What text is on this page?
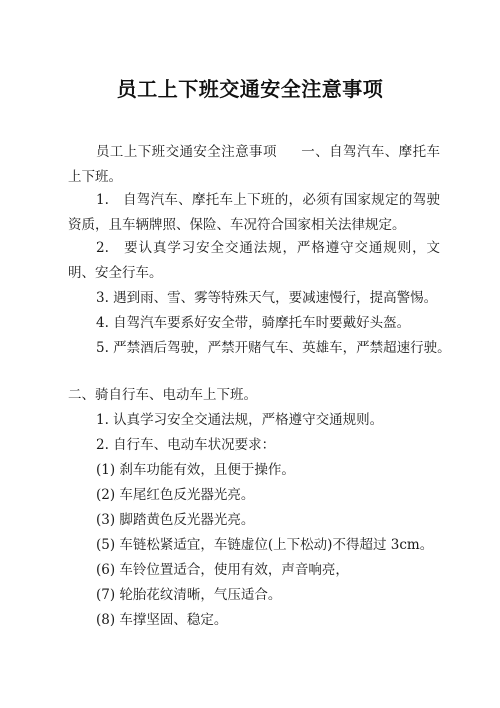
员工上下班交通安全注意事项

员工上下班交通安全注意事项 一、自驾汽车、摩托车上下班。

1.　自驾汽车、摩托车上下班的，必须有国家规定的驾驶资质，且车辆牌照、保险、车况符合国家相关法律规定。

2.　要认真学习安全交通法规，严格遵守交通规则，文明、安全行车。

3. 遇到雨、雪、雾等特殊天气，要减速慢行，提高警惕。
4. 自驾汽车要系好安全带，骑摩托车时要戴好头盔。
5. 严禁酒后驾驶，严禁开赌气车、英雄车，严禁超速行驶。
二、骑自行车、电动车上下班。
1. 认真学习安全交通法规，严格遵守交通规则。
2. 自行车、电动车状况要求：
(1) 刹车功能有效，且便于操作。
(2) 车尾红色反光器光亮。
(3) 脚踏黄色反光器光亮。
(5) 车链松紧适宜，车链虚位(上下松动)不得超过 3cm。
(6) 车铃位置适合，使用有效，声音响亮，
(7) 轮胎花纹清晰，气压适合。
(8) 车撑坚固、稳定。
